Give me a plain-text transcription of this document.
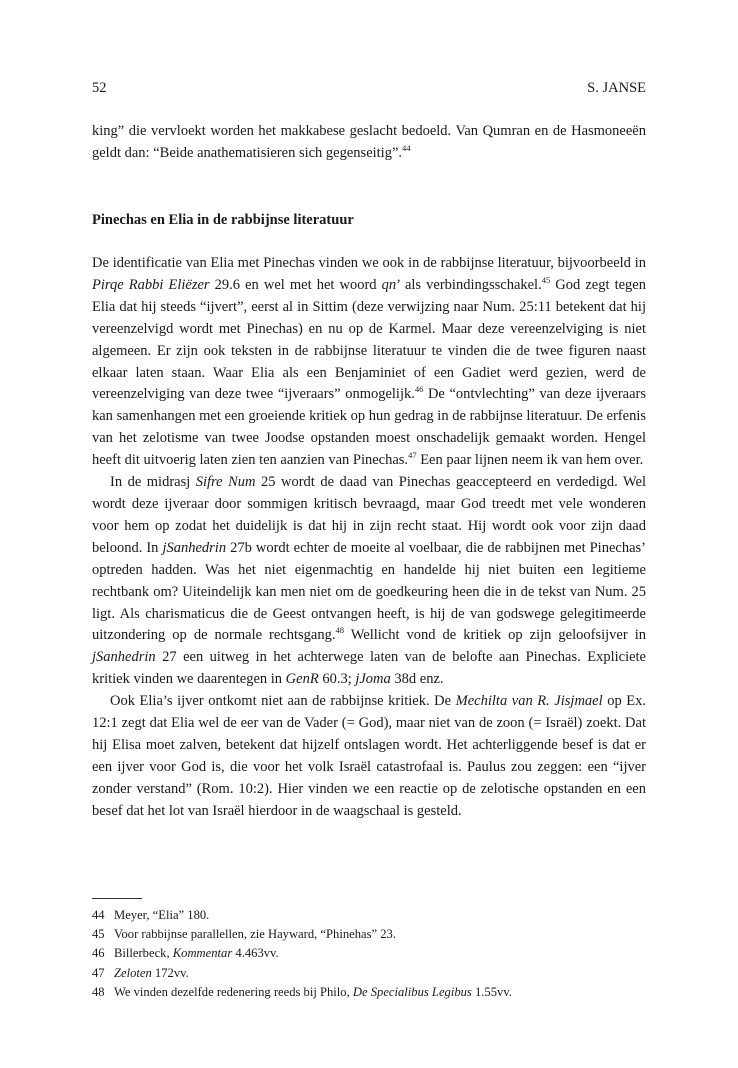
52	S. JANSE

king” die vervloekt worden het makkabese geslacht bedoeld. Van Qumran en de Hasmoneeën geldt dan: “Beide anathematisieren sich gegenseitig”.$^{44}$

Pinechas en Elia in de rabbijnse literatuur

De identificatie van Elia met Pinechas vinden we ook in de rabbijnse literatuur, bijvoorbeeld in Pirqe Rabbi Eliëzer 29.6 en wel met het woord qn’ als verbindingsschakel.$^{45}$ God zegt tegen Elia dat hij steeds “ijvert”, eerst al in Sittim (deze verwijzing naar Num. 25:11 betekent dat hij vereenzelvigd wordt met Pinechas) en nu op de Karmel. Maar deze vereenzelviging is niet algemeen. Er zijn ook teksten in de rabbijnse literatuur te vinden die de twee figuren naast elkaar laten staan. Waar Elia als een Benjaminiet of een Gadiet werd gezien, werd de vereenzelviging van deze twee “ijveraars” onmogelijk.$^{46}$ De “ontvlechting” van deze ijveraars kan samenhangen met een groeiende kritiek op hun gedrag in de rabbijnse literatuur. De erfenis van het zelotisme van twee Joodse opstanden moest onschadelijk gemaakt worden. Hengel heeft dit uitvoerig laten zien ten aanzien van Pinechas.$^{47}$ Een paar lijnen neem ik van hem over.

In de midrasj Sifre Num 25 wordt de daad van Pinechas geaccepteerd en verdedigd. Wel wordt deze ijveraar door sommigen kritisch bevraagd, maar God treedt met vele wonderen voor hem op zodat het duidelijk is dat hij in zijn recht staat. Hij wordt ook voor zijn daad beloond. In jSanhedrin 27b wordt echter de moeite al voelbaar, die de rabbijnen met Pinechas’ optreden hadden. Was het niet eigenmachtig en handelde hij niet buiten een legitieme rechtbank om? Uiteindelijk kan men niet om de goedkeuring heen die in de tekst van Num. 25 ligt. Als charismaticus die de Geest ontvangen heeft, is hij de van godswege gelegitimeerde uitzondering op de normale rechtsgang.$^{48}$ Wellicht vond de kritiek op zijn geloofsijver in jSanhedrin 27 een uitweg in het achterwege laten van de belofte aan Pinechas. Expliciete kritiek vinden we daarentegen in GenR 60.3; jJoma 38d enz.

Ook Elia’s ijver ontkomt niet aan de rabbijnse kritiek. De Mechilta van R. Jisjmael op Ex. 12:1 zegt dat Elia wel de eer van de Vader (= God), maar niet van de zoon (= Israël) zoekt. Dat hij Elisa moet zalven, betekent dat hijzelf ontslagen wordt. Het achterliggende besef is dat er een ijver voor God is, die voor het volk Israël catastrofaal is. Paulus zou zeggen: een “ijver zonder verstand” (Rom. 10:2). Hier vinden we een reactie op de zelotische opstanden en een besef dat het lot van Israël hierdoor in de waagschaal is gesteld.

44 Meyer, “Elia” 180.
45 Voor rabbijnse parallellen, zie Hayward, “Phinehas” 23.
46 Billerbeck, Kommentar 4.463vv.
47 Zeloten 172vv.
48 We vinden dezelfde redenering reeds bij Philo, De Specialibus Legibus 1.55vv.
